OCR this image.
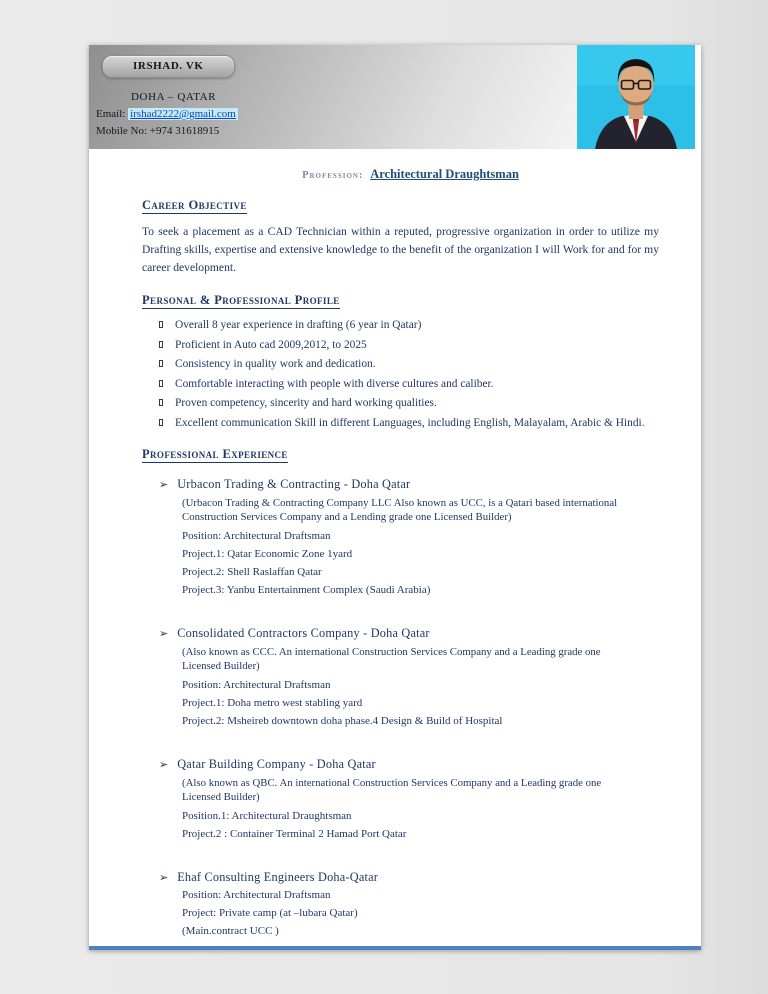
IRSHAD. VK
DOHA – QATAR
Email: irshad2222@gmail.com
Mobile No: +974 31618915
Profession: Architectural Draughtsman
Career Objective

To seek a placement as a CAD Technician within a reputed, progressive organization in order to utilize my Drafting skills, expertise and extensive knowledge to the benefit of the organization I will Work for and for my career development.

Personal & Professional Profile
Overall 8 year experience in drafting (6 year in Qatar)
Proficient in Auto cad 2009,2012, to 2025
Consistency in quality work and dedication.
Comfortable interacting with people with diverse cultures and caliber.
Proven competency, sincerity and hard working qualities.
Excellent communication Skill in different Languages, including English, Malayalam, Arabic & Hindi.
Professional Experience
➢ Urbacon Trading & Contracting - Doha Qatar
(Urbacon Trading & Contracting Company LLC Also known as UCC, is a Qatari based international Construction Services Company and a Lending grade one Licensed Builder)
Position: Architectural Draftsman
Project.1: Qatar Economic Zone 1yard
Project.2: Shell Raslaffan Qatar
Project.3: Yanbu Entertainment Complex (Saudi Arabia)
➢ Consolidated Contractors Company - Doha Qatar
(Also known as CCC. An international Construction Services Company and a Leading grade one Licensed Builder)
Position: Architectural Draftsman
Project.1: Doha metro west stabling yard
Project.2: Msheireb downtown doha phase.4 Design & Build of Hospital
➢ Qatar Building Company - Doha Qatar
(Also known as QBC. An international Construction Services Company and a Leading grade one Licensed Builder)
Position.1: Architectural Draughtsman
Project.2 : Container Terminal 2 Hamad Port Qatar
➢ Ehaf Consulting Engineers Doha-Qatar
Position: Architectural Draftsman
Project: Private camp (at –lubara Qatar)
(Main.contract UCC )
